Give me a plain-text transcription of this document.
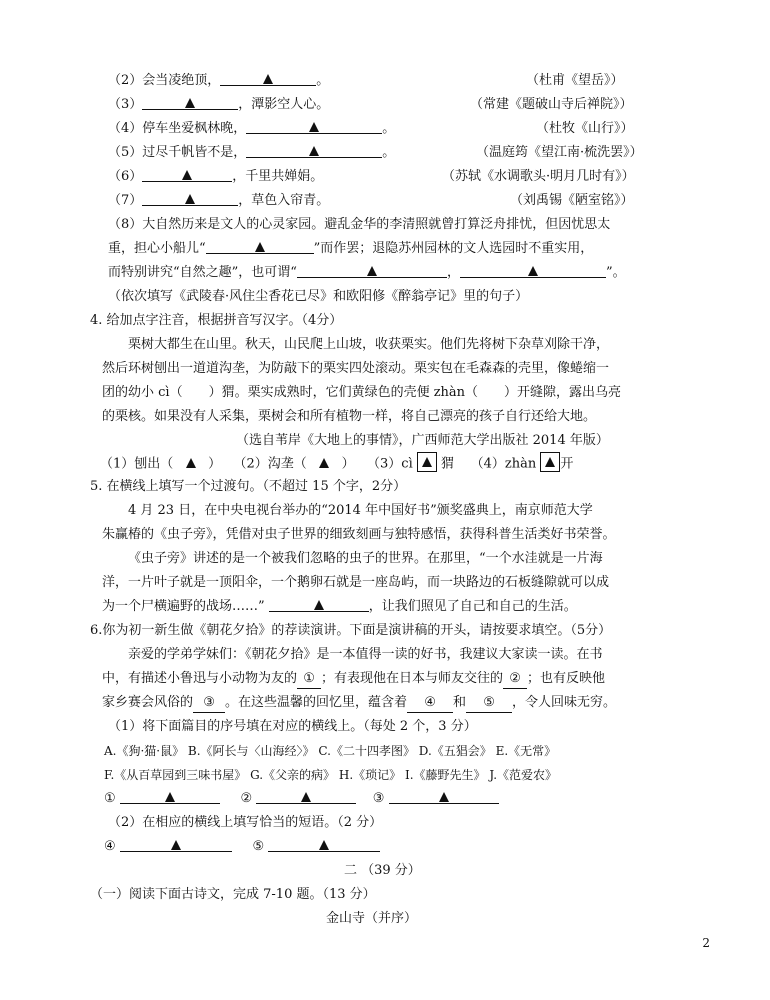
（2）会当凌绝顶，	。	（杜甫《望岳》）
（3）	，潭影空人心。	（常建《题破山寺后禅院》）
（4）停车坐爱枫林晚，	。	（杜牧《山行》）
（5）过尽千帆皆不是，	。	（温庭筠《望江南·梳洗罢》）
（6）	，千里共婵娟。	（苏轼《水调歌头·明月几时有》）
（7）	，草色入帘青。	（刘禹锡《陋室铭》）
（8）大自然历来是文人的心灵家园。避乱金华的李清照就曾打算泛舟排忧，但因忧思太
重，担心小船儿“	”而作罢；退隐苏州园林的文人选园时不重实用，
而特别讲究“自然之趣”，也可谓“	，	”。
（依次填写《武陵春·风住尘香花已尽》和欧阳修《醉翁亭记》里的句子）
4. 给加点字注音，根据拼音写汉字。（4分）
栗树大都生在山里。秋天，山民爬上山坡，收获栗实。他们先将树下杂草刈除干净，
然后环树刨出一道道沟垄，为防敲下的栗实四处滚动。栗实包在毛森森的壳里，像蜷缩一
团的幼小 cì（　　）猬。栗实成熟时，它们黄绿色的壳便 zhàn（　　）开缝隙，露出乌亮
的栗核。如果没有人采集，栗树会和所有植物一样，将自己漂亮的孩子自行还给大地。
（选自苇岸《大地上的事情》，广西师范大学出版社 2014 年版）
（1）刨出（	） （2）沟垄（	） （3）cì 猬 （4）zhàn 开
5. 在横线上填写一个过渡句。（不超过 15 个字，2分）
4 月 23 日，在中央电视台举办的“2014 年中国好书”颁奖盛典上，南京师范大学
朱赢椿的《虫子旁》，凭借对虫子世界的细致刻画与独特感悟，获得科普生活类好书荣誉。
《虫子旁》讲述的是一个被我们忽略的虫子的世界。在那里，“一个水洼就是一片海
洋，一片叶子就是一顶阳伞，一个鹅卵石就是一座岛屿，而一块路边的石板缝隙就可以成
为一个尸横遍野的战场……”	，让我们照见了自己和自己的生活。
6.你为初一新生做《朝花夕拾》的荐读演讲。下面是演讲稿的开头，请按要求填空。（5分）
亲爱的学弟学妹们：《朝花夕拾》是一本值得一读的好书，我建议大家读一读。在书
中，有描述小鲁迅与小动物为友的 ① ；有表现他在日本与师友交往的 ② ；也有反映他
家乡赛会风俗的 ③ 。在这些温馨的回忆里，蕴含着 ④ 和 ⑤ ，令人回味无穷。
（1）将下面篇目的序号填在对应的横线上。（每处 2 个，3 分）
A.《狗·猫·鼠》 B.《阿长与〈山海经〉》 C.《二十四孝图》 D.《五猖会》 E.《无常》
F.《从百草园到三味书屋》 G.《父亲的病》 H.《琐记》 I.《藤野先生》 J.《范爱农》
①	②	③
（2）在相应的横线上填写恰当的短语。（2 分）
④	⑤
二 （39 分）
（一）阅读下面古诗文，完成 7-10 题。（13 分）
金山寺（并序）
2
